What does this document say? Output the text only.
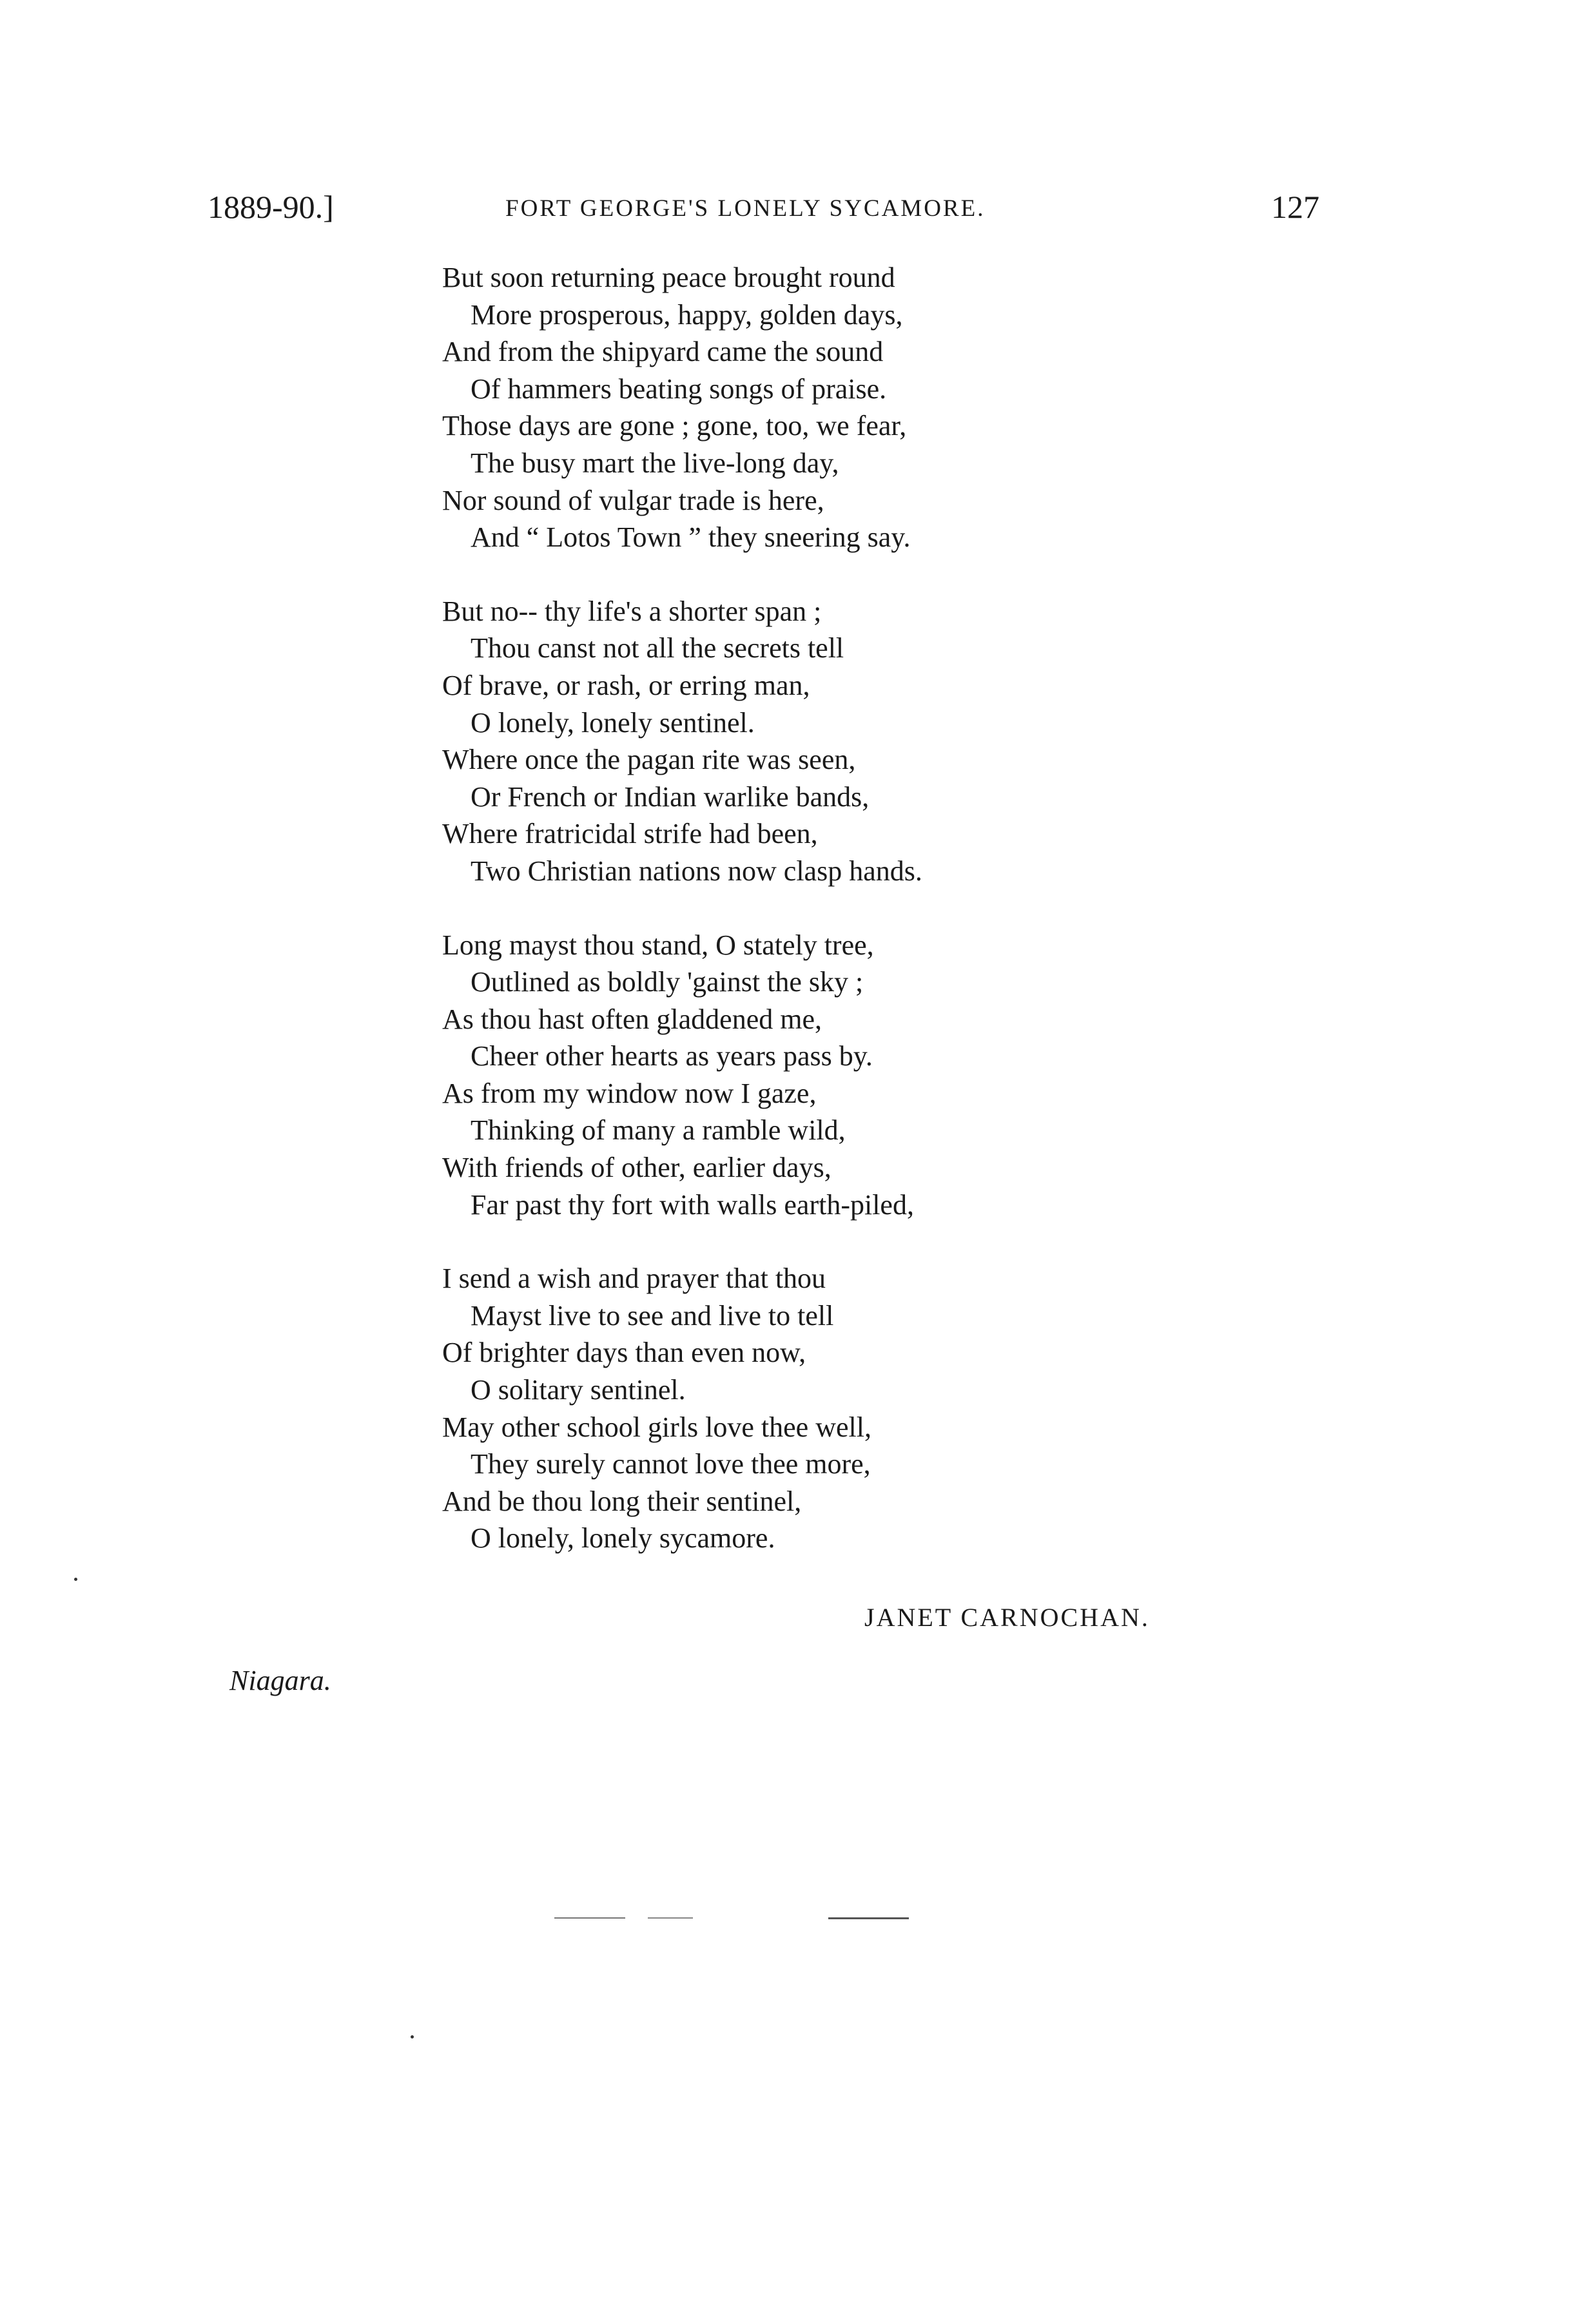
1889-90.]	FORT GEORGE'S LONELY SYCAMORE.	127
But soon returning peace brought round
More prosperous, happy, golden days,
And from the shipyard came the sound
Of hammers beating songs of praise.
Those days are gone ; gone, too, we fear,
The busy mart the live-long day,
Nor sound of vulgar trade is here,
And “ Lotos Town ” they sneering say.
But no-- thy life's a shorter span ;
Thou canst not all the secrets tell
Of brave, or rash, or erring man,
O lonely, lonely sentinel.
Where once the pagan rite was seen,
Or French or Indian warlike bands,
Where fratricidal strife had been,
Two Christian nations now clasp hands.
Long mayst thou stand, O stately tree,
Outlined as boldly 'gainst the sky ;
As thou hast often gladdened me,
Cheer other hearts as years pass by.
As from my window now I gaze,
Thinking of many a ramble wild,
With friends of other, earlier days,
Far past thy fort with walls earth-piled,
I send a wish and prayer that thou
Mayst live to see and live to tell
Of brighter days than even now,
O solitary sentinel.
May other school girls love thee well,
They surely cannot love thee more,
And be thou long their sentinel,
O lonely, lonely sycamore.
JANET CARNOCHAN.
Niagara.
